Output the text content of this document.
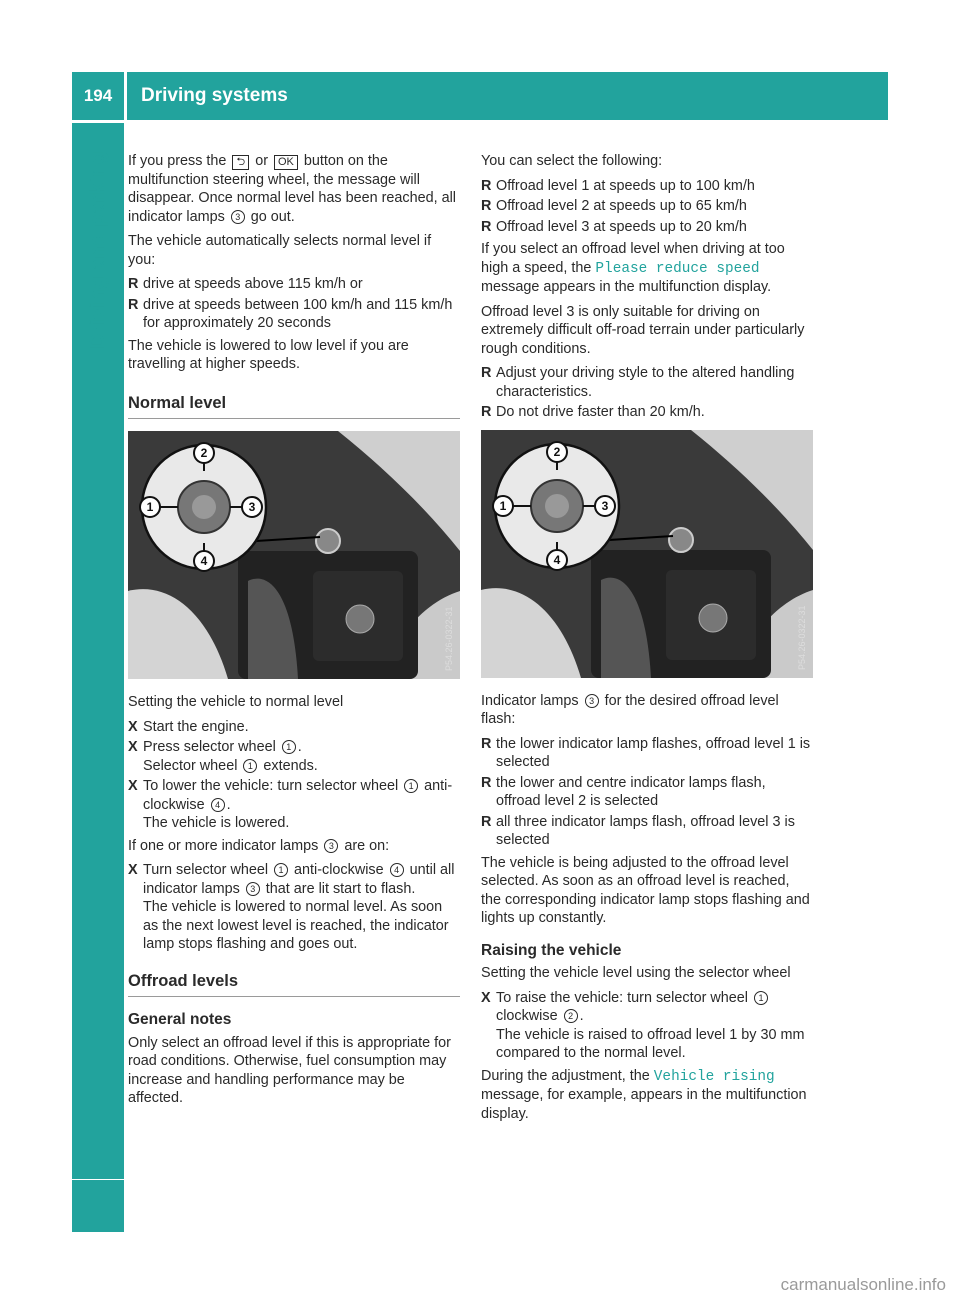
194	Driving systems
Driving and parking If you press the ⮌ or OK button on the multifunction steering wheel, the message will disappear. Once normal level has been reached, all indicator lamps 3 go out.

The vehicle automatically selects normal level if you:

R drive at speeds above 115 km/h or
R drive at speeds between 100 km/h and 115 km/h for approximately 20 seconds

The vehicle is lowered to low level if you are travelling at higher speeds.

Normal level
2
1	3
4
P54.26-0322-31

Setting the vehicle to normal level

X Start the engine.
X Press selector wheel 1 .
Selector wheel 1 extends.
X To lower the vehicle: turn selector wheel 1 anti-clockwise 4 .
The vehicle is lowered.

If one or more indicator lamps 3 are on:

X Turn selector wheel 1 anti-clockwise 4 until all indicator lamps 3 that are lit start to flash.
The vehicle is lowered to normal level. As soon as the next lowest level is reached, the indicator lamp stops flashing and goes out.
Offroad levels
General notes

Only select an offroad level if this is appropriate for road conditions. Otherwise, fuel consumption may increase and handling performance may be affected.

You can select the following:

R Offroad level 1 at speeds up to 100 km/h
R Offroad level 2 at speeds up to 65 km/h
R Offroad level 3 at speeds up to 20 km/h

If you select an offroad level when driving at too high a speed, the Please reduce speed message appears in the multifunction display.

Offroad level 3 is only suitable for driving on extremely difficult off-road terrain under particularly rough conditions.

R Adjust your driving style to the altered handling characteristics.
R Do not drive faster than 20 km/h.
2
1	3
4
P54.26-0322-31

Indicator lamps 3 for the desired offroad level flash:

R the lower indicator lamp flashes, offroad level 1 is selected
R the lower and centre indicator lamps flash, offroad level 2 is selected
R all three indicator lamps flash, offroad level 3 is selected

The vehicle is being adjusted to the offroad level selected. As soon as an offroad level is reached, the corresponding indicator lamp stops flashing and lights up constantly.

Raising the vehicle

Setting the vehicle level using the selector wheel

X To raise the vehicle: turn selector wheel 1
clockwise 2 .
The vehicle is raised to offroad level 1 by 30 mm compared to the normal level.

During the adjustment, the Vehicle rising message, for example, appears in the multifunction display.

carmanualsonline.info
